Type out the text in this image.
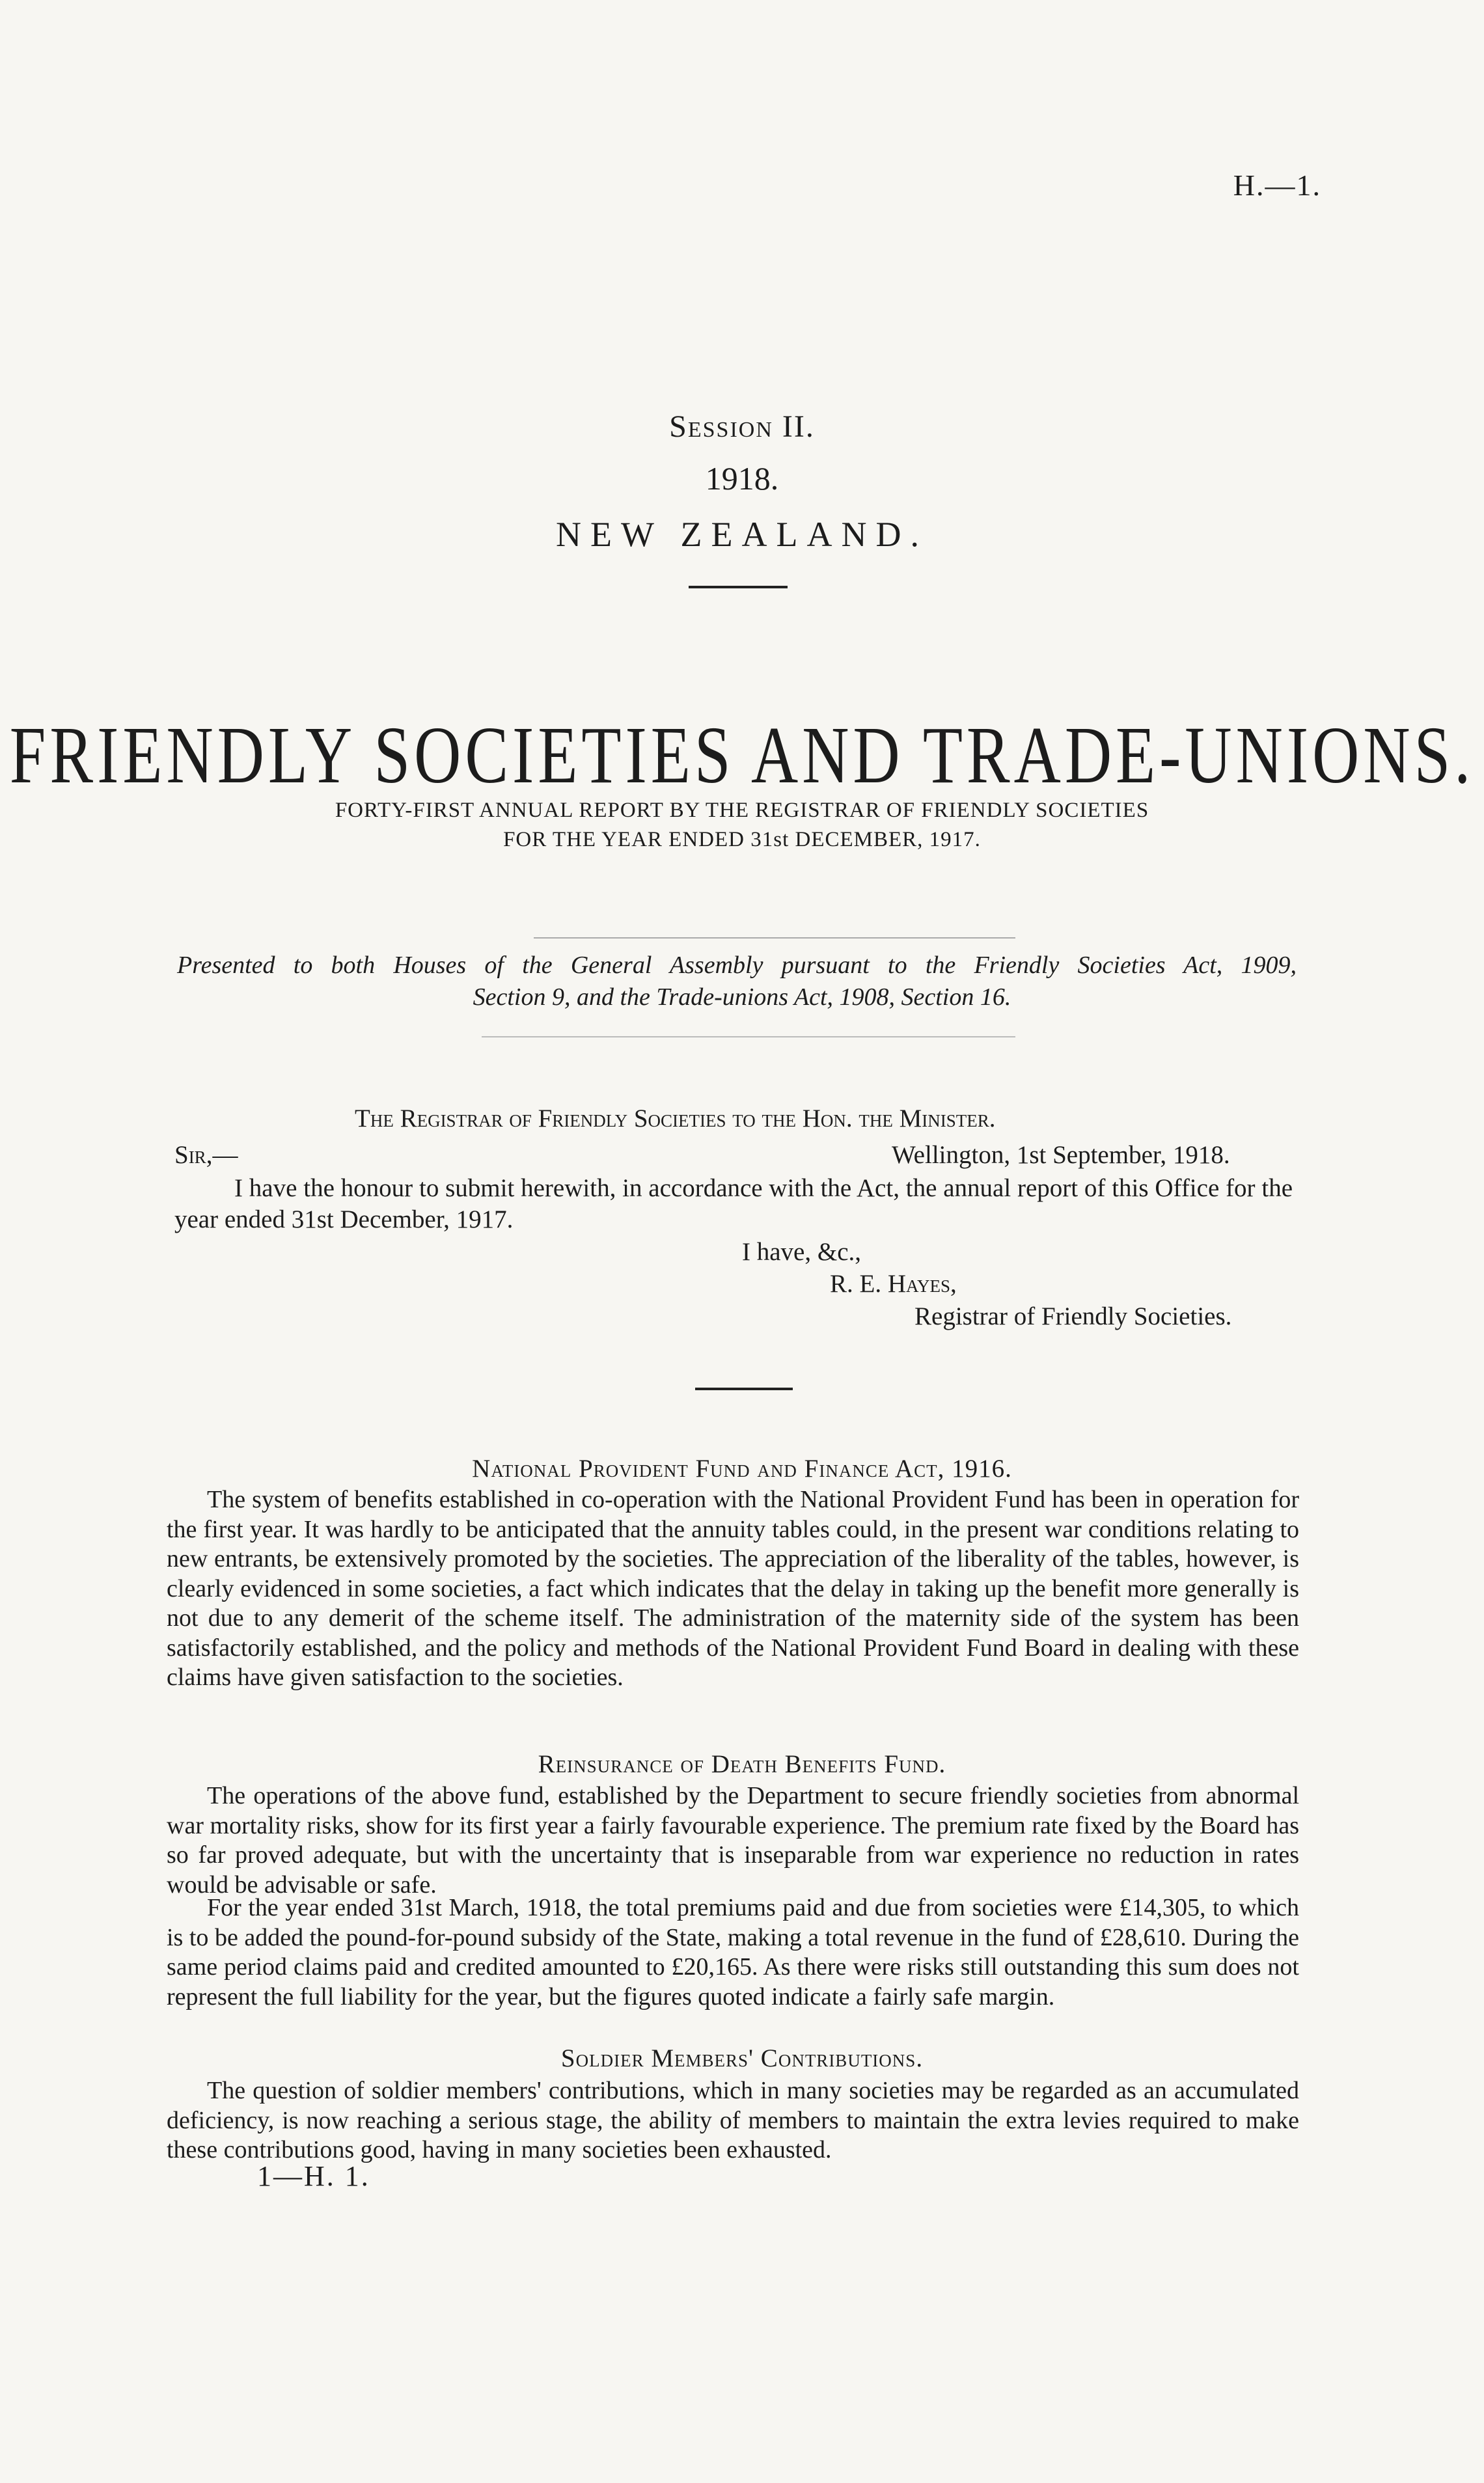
H.—1.
Session II.
1918.
NEW ZEALAND.
FRIENDLY SOCIETIES AND TRADE-UNIONS.
FORTY-FIRST ANNUAL REPORT BY THE REGISTRAR OF FRIENDLY SOCIETIES
FOR THE YEAR ENDED 31st DECEMBER, 1917.
Presented to both Houses of the General Assembly pursuant to the Friendly Societies Act, 1909,
Section 9, and the Trade-unions Act, 1908, Section 16.
The Registrar of Friendly Societies to the Hon. the Minister.
Sir,—	Wellington, 1st September, 1918.
I have the honour to submit herewith, in accordance with the Act, the annual report of this Office for the year ended 31st December, 1917.
I have, &c.,
R. E. Hayes,
Registrar of Friendly Societies.
National Provident Fund and Finance Act, 1916.
The system of benefits established in co-operation with the National Provident Fund has been in operation for the first year. It was hardly to be anticipated that the annuity tables could, in the present war conditions relating to new entrants, be extensively promoted by the societies. The appreciation of the liberality of the tables, however, is clearly evidenced in some societies, a fact which indicates that the delay in taking up the benefit more generally is not due to any demerit of the scheme itself. The administration of the maternity side of the system has been satisfactorily established, and the policy and methods of the National Provident Fund Board in dealing with these claims have given satisfaction to the societies.
Reinsurance of Death Benefits Fund.
The operations of the above fund, established by the Department to secure friendly societies from abnormal war mortality risks, show for its first year a fairly favourable experience. The premium rate fixed by the Board has so far proved adequate, but with the uncertainty that is inseparable from war experience no reduction in rates would be advisable or safe.
For the year ended 31st March, 1918, the total premiums paid and due from societies were £14,305, to which is to be added the pound-for-pound subsidy of the State, making a total revenue in the fund of £28,610. During the same period claims paid and credited amounted to £20,165. As there were risks still outstanding this sum does not represent the full liability for the year, but the figures quoted indicate a fairly safe margin.
Soldier Members' Contributions.
The question of soldier members' contributions, which in many societies may be regarded as an accumulated deficiency, is now reaching a serious stage, the ability of members to maintain the extra levies required to make these contributions good, having in many societies been exhausted.
1—H. 1.
